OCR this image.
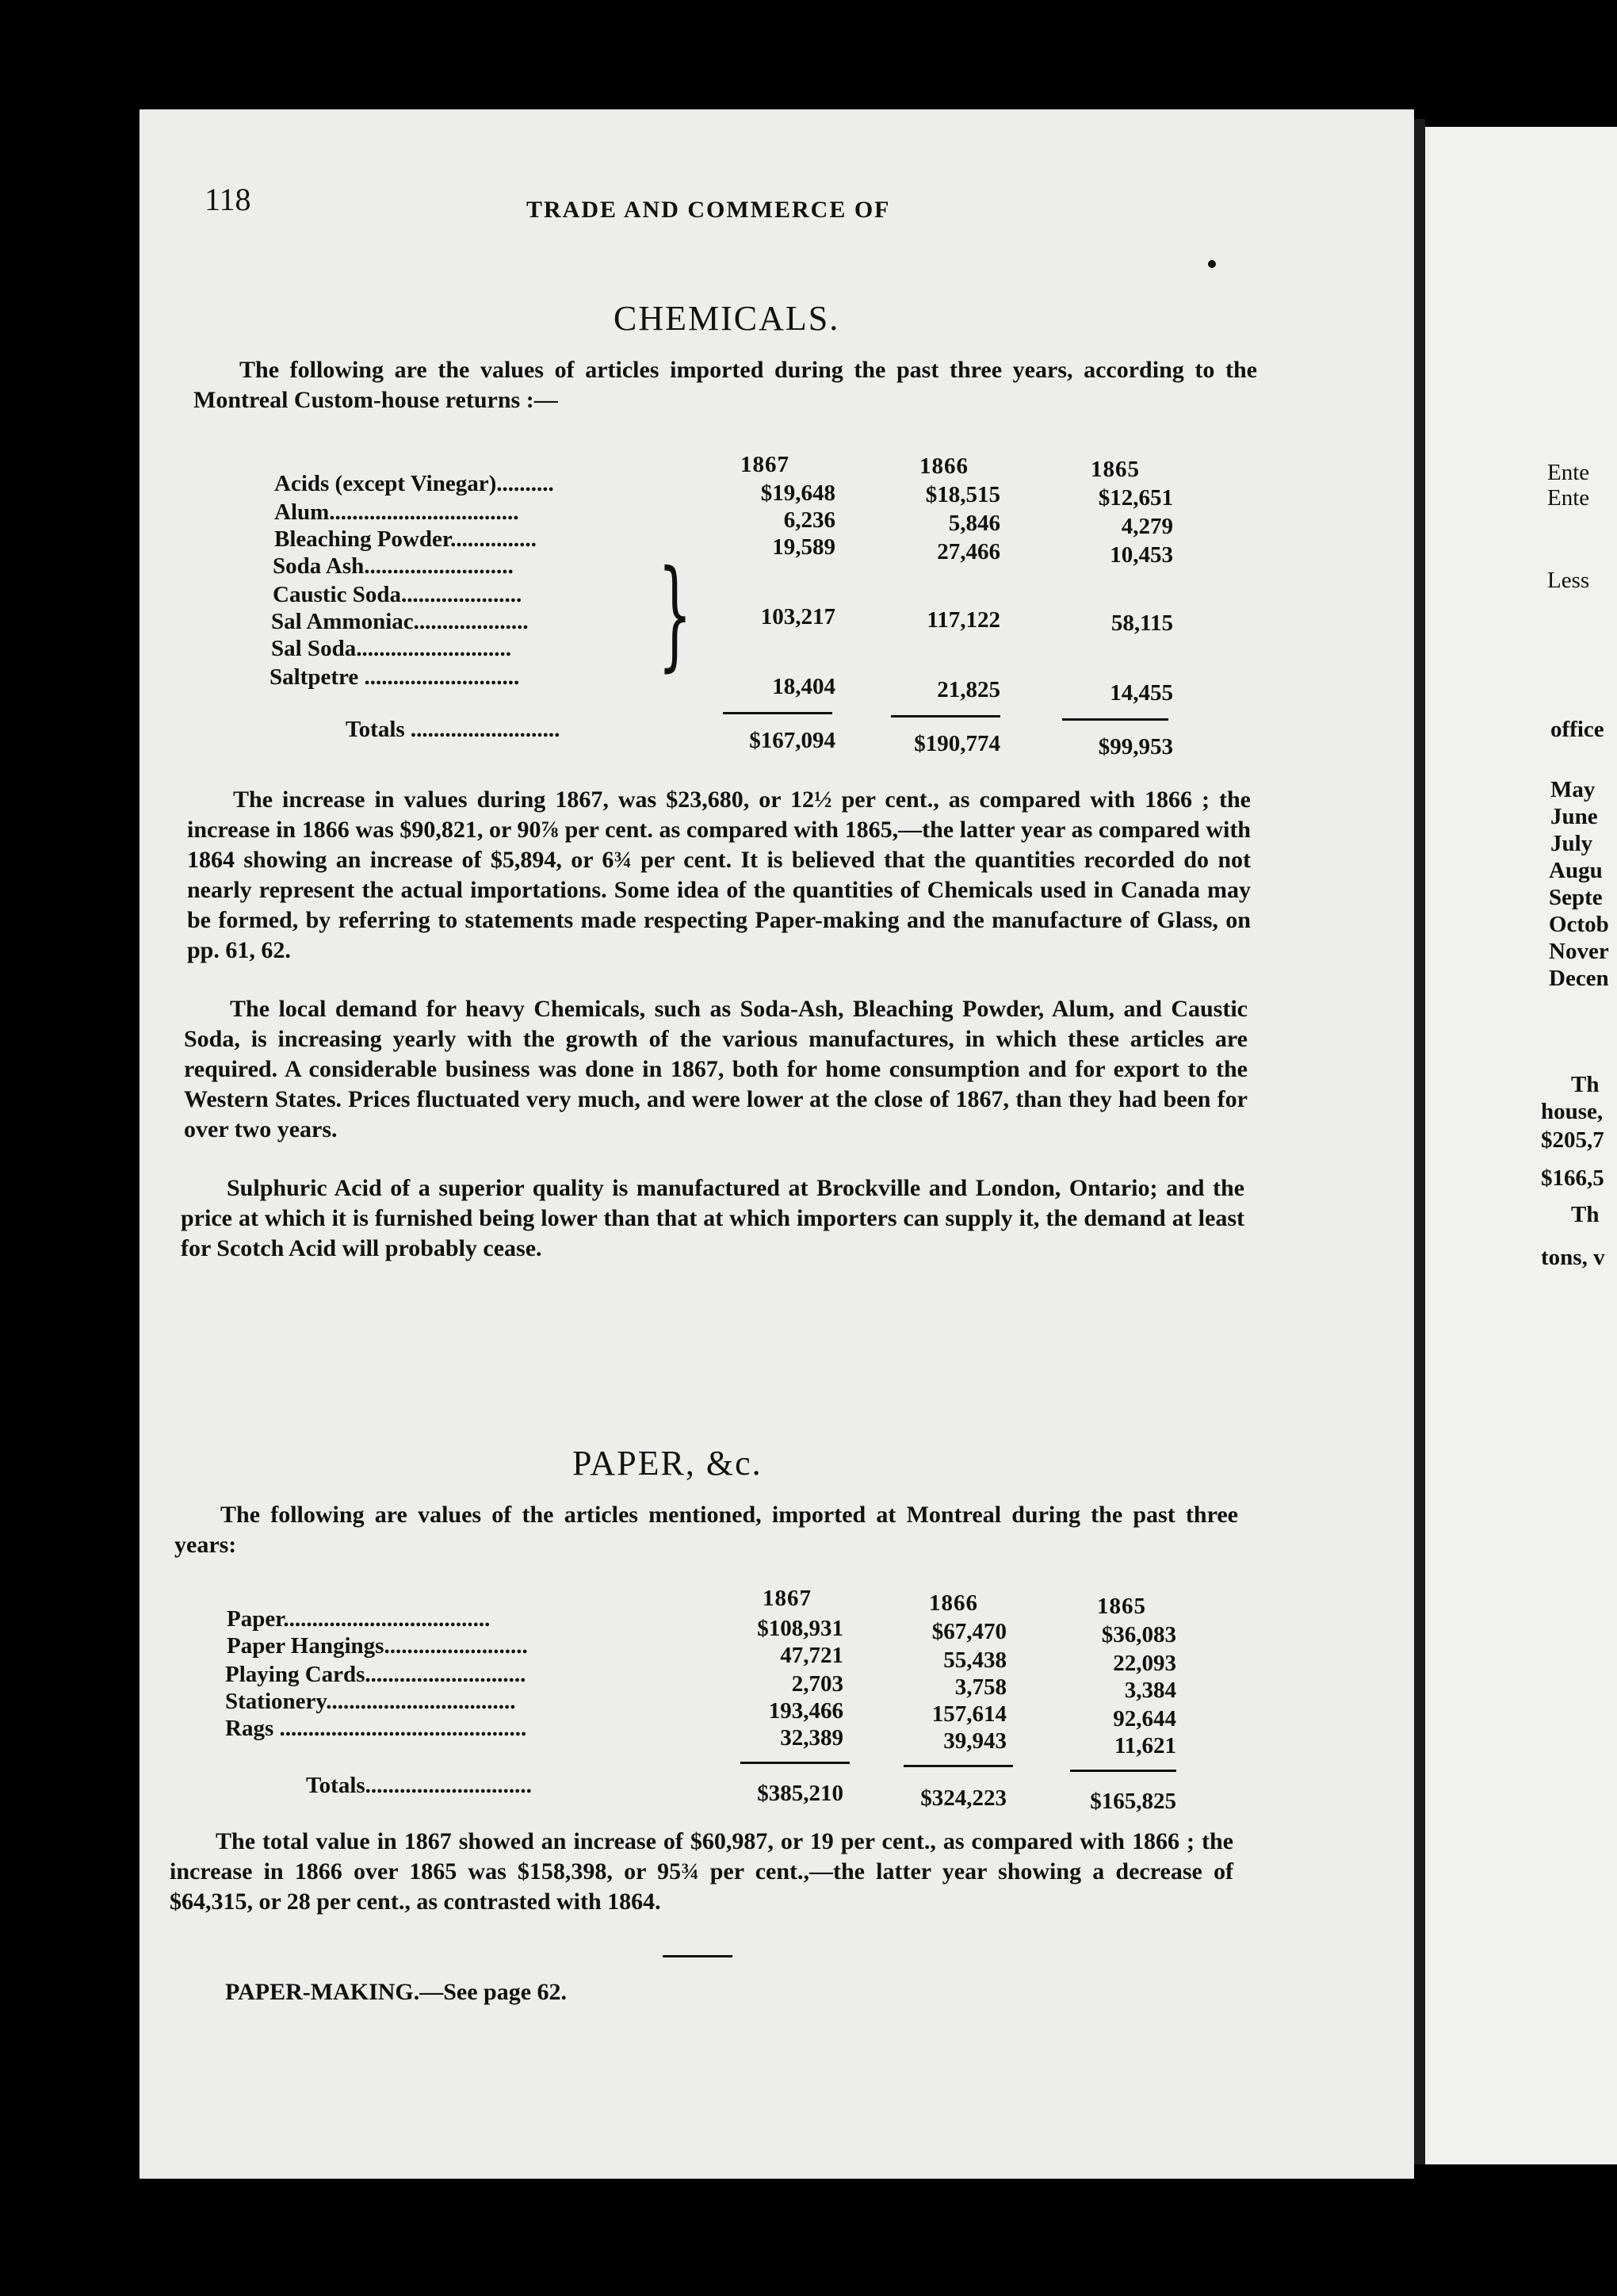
118	TRADE AND COMMERCE OF
CHEMICALS.
The following are the values of articles imported during the past three years, according to the Montreal Custom-house returns :—
1867	1866	1865
Acids (except Vinegar)..........	$19,648	$18,515	$12,651
Alum.................................	6,236	5,846	4,279
Bleaching Powder...............	19,589	27,466	10,453
Soda Ash..........................
Caustic Soda.....................
Sal Ammoniac....................
Sal Soda........................... }	103,217	117,122	58,115
Saltpetre ...........................	18,404	21,825	14,455
Totals ..........................	$167,094	$190,774	$99,953
The increase in values during 1867, was $23,680, or 12½ per cent., as compared with 1866 ; the increase in 1866 was $90,821, or 90⅞ per cent. as compared with 1865,—the latter year as compared with 1864 showing an increase of $5,894, or 6¾ per cent. It is believed that the quantities recorded do not nearly represent the actual importations. Some idea of the quantities of Chemicals used in Canada may be formed, by referring to statements made respecting Paper-making and the manufacture of Glass, on pp. 61, 62.
The local demand for heavy Chemicals, such as Soda-Ash, Bleaching Powder, Alum, and Caustic Soda, is increasing yearly with the growth of the various manufactures, in which these articles are required. A considerable business was done in 1867, both for home consumption and for export to the Western States. Prices fluctuated very much, and were lower at the close of 1867, than they had been for over two years.
Sulphuric Acid of a superior quality is manufactured at Brockville and London, Ontario; and the price at which it is furnished being lower than that at which importers can supply it, the demand at least for Scotch Acid will probably cease.
PAPER, &c.
The following are values of the articles mentioned, imported at Montreal during the past three years:
1867	1866	1865
Paper....................................	$108,931	$67,470	$36,083
Paper Hangings.........................	47,721	55,438	22,093
Playing Cards............................	2,703	3,758	3,384
Stationery.................................	193,466	157,614	92,644
Rags ...........................................	32,389	39,943	11,621
Totals.............................	$385,210	$324,223	$165,825
The total value in 1867 showed an increase of $60,987, or 19 per cent., as compared with 1866 ; the increase in 1866 over 1865 was $158,398, or 95¾ per cent.,—the latter year showing a decrease of $64,315, or 28 per cent., as contrasted with 1864.
PAPER-MAKING.—See page 62.
Ente
Ente
Less
office
May
June
July
Augu
Septe
Octob
Nover
Decen
Th
house,
$205,7
$166,5
Th
tons, v
